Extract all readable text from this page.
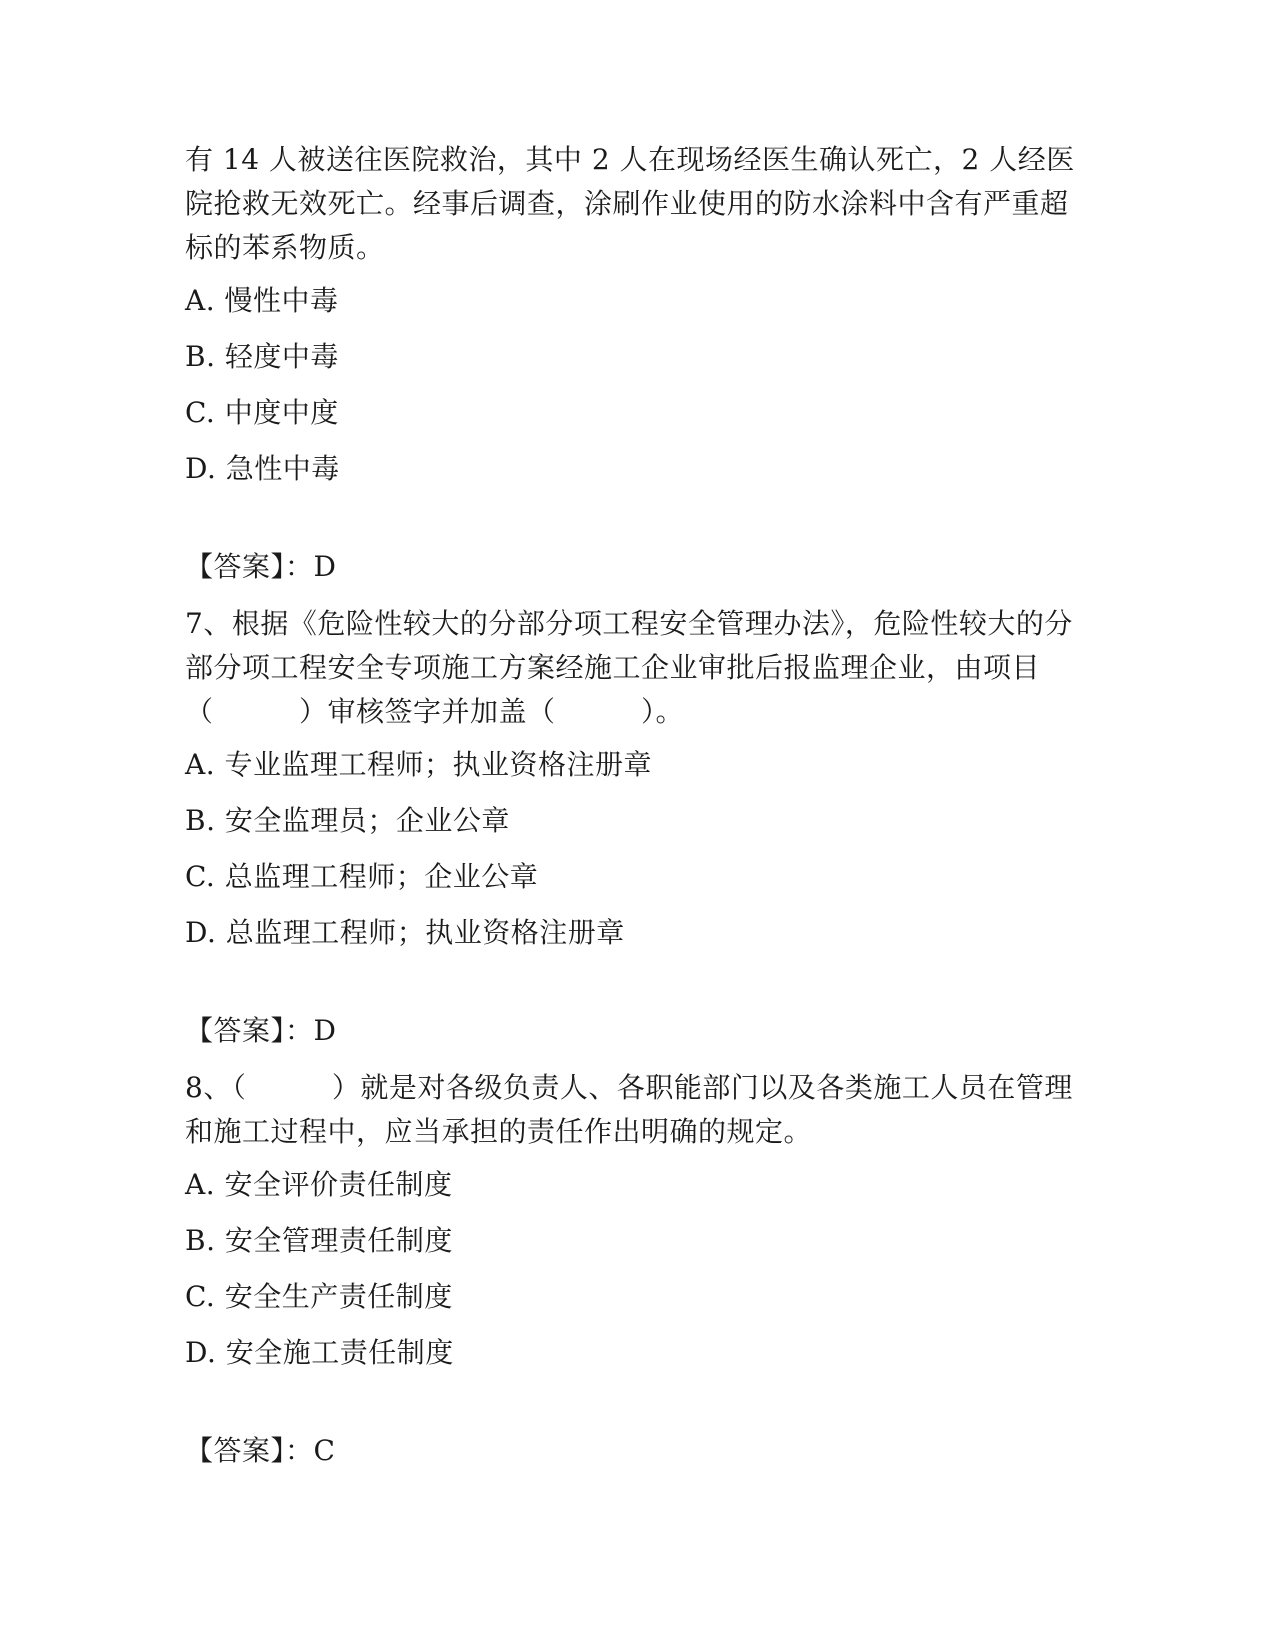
有 14 人被送往医院救治，其中 2 人在现场经医生确认死亡，2 人经医院抢救无效死亡。经事后调查，涂刷作业使用的防水涂料中含有严重超标的苯系物质。

A. 慢性中毒
B. 轻度中毒
C. 中度中度
D. 急性中毒
【答案】：D

7、根据《危险性较大的分部分项工程安全管理办法》，危险性较大的分部分项工程安全专项施工方案经施工企业审批后报监理企业，由项目（　　　）审核签字并加盖（　　　）。

A. 专业监理工程师；执业资格注册章
B. 安全监理员；企业公章
C. 总监理工程师；企业公章
D. 总监理工程师；执业资格注册章
【答案】：D

8、（　　　）就是对各级负责人、各职能部门以及各类施工人员在管理和施工过程中，应当承担的责任作出明确的规定。

A. 安全评价责任制度
B. 安全管理责任制度
C. 安全生产责任制度
D. 安全施工责任制度
【答案】：C
